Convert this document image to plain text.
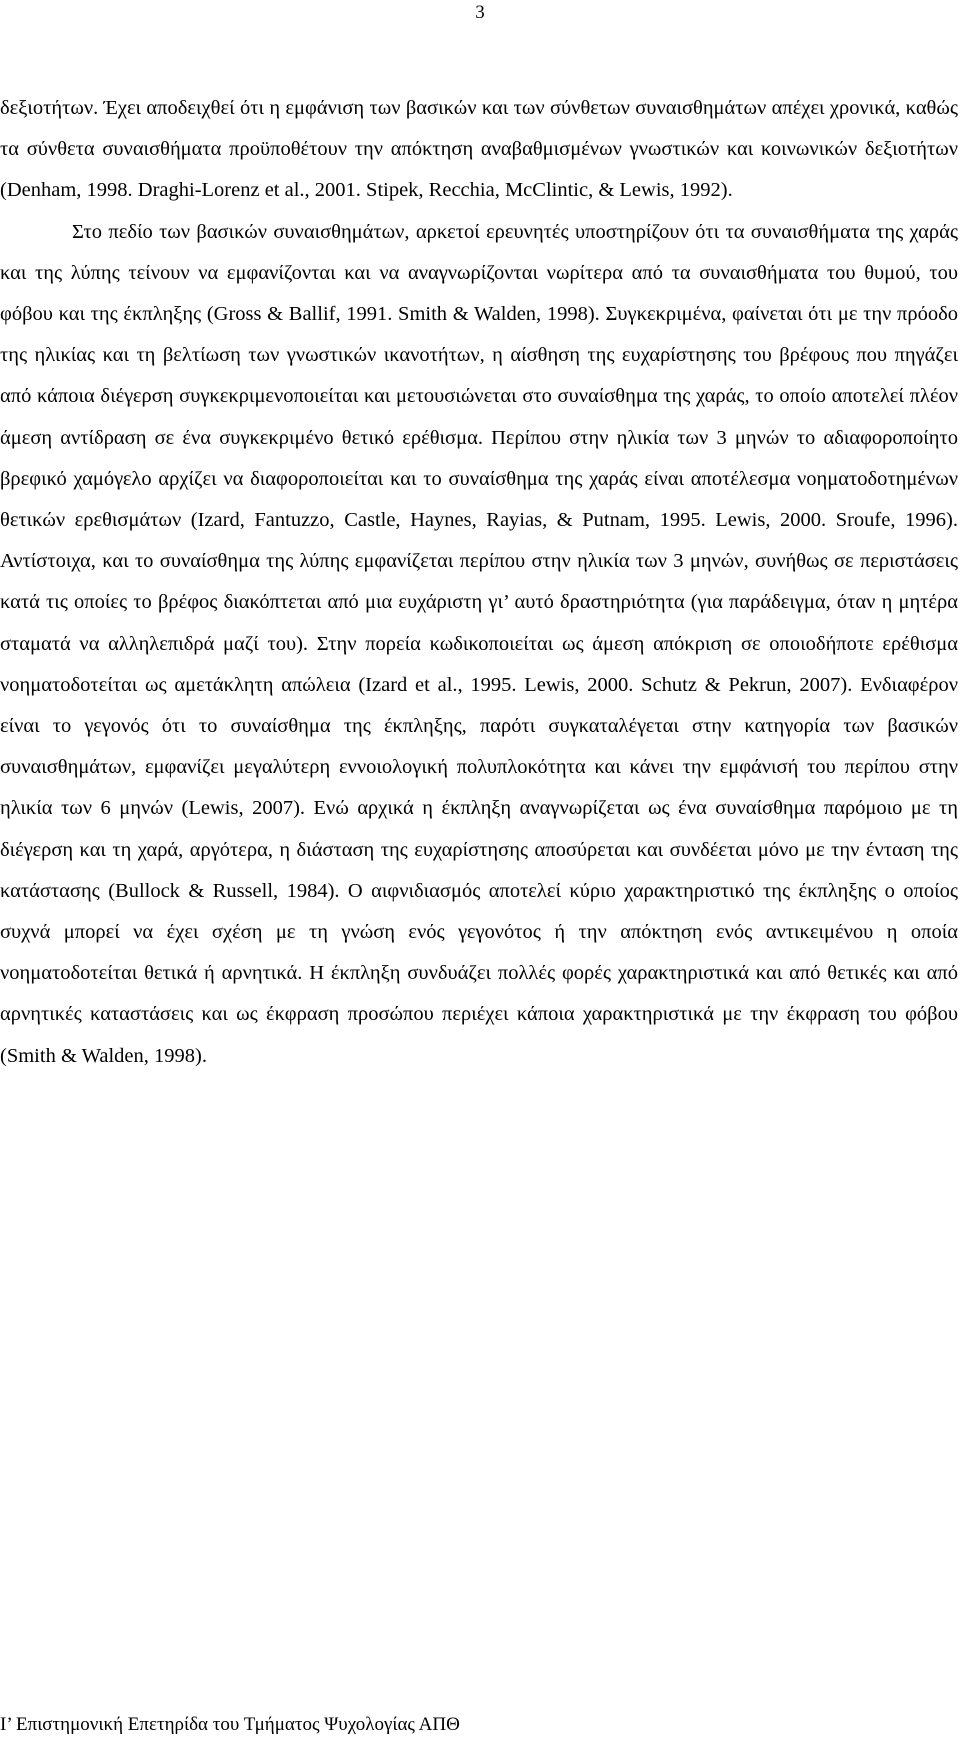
3

δεξιοτήτων. Έχει αποδειχθεί ότι η εμφάνιση των βασικών και των σύνθετων συναισθημάτων απέχει χρονικά, καθώς τα σύνθετα συναισθήματα προϋποθέτουν την απόκτηση αναβαθμισμένων γνωστικών και κοινωνικών δεξιοτήτων (Denham, 1998. Draghi-Lorenz et al., 2001. Stipek, Recchia, McClintic, & Lewis, 1992).

Στο πεδίο των βασικών συναισθημάτων, αρκετοί ερευνητές υποστηρίζουν ότι τα συναισθήματα της χαράς και της λύπης τείνουν να εμφανίζονται και να αναγνωρίζονται νωρίτερα από τα συναισθήματα του θυμού, του φόβου και της έκπληξης (Gross & Ballif, 1991. Smith & Walden, 1998). Συγκεκριμένα, φαίνεται ότι με την πρόοδο της ηλικίας και τη βελτίωση των γνωστικών ικανοτήτων, η αίσθηση της ευχαρίστησης του βρέφους που πηγάζει από κάποια διέγερση συγκεκριμενοποιείται και μετουσιώνεται στο συναίσθημα της χαράς, το οποίο αποτελεί πλέον άμεση αντίδραση σε ένα συγκεκριμένο θετικό ερέθισμα. Περίπου στην ηλικία των 3 μηνών το αδιαφοροποίητο βρεφικό χαμόγελο αρχίζει να διαφοροποιείται και το συναίσθημα της χαράς είναι αποτέλεσμα νοηματοδοτημένων θετικών ερεθισμάτων (Izard, Fantuzzo, Castle, Haynes, Rayias, & Putnam, 1995. Lewis, 2000. Sroufe, 1996). Αντίστοιχα, και το συναίσθημα της λύπης εμφανίζεται περίπου στην ηλικία των 3 μηνών, συνήθως σε περιστάσεις κατά τις οποίες το βρέφος διακόπτεται από μια ευχάριστη γι’ αυτό δραστηριότητα (για παράδειγμα, όταν η μητέρα σταματά να αλληλεπιδρά μαζί του). Στην πορεία κωδικοποιείται ως άμεση απόκριση σε οποιοδήποτε ερέθισμα νοηματοδοτείται ως αμετάκλητη απώλεια (Izard et al., 1995. Lewis, 2000. Schutz & Pekrun, 2007). Ενδιαφέρον είναι το γεγονός ότι το συναίσθημα της έκπληξης, παρότι συγκαταλέγεται στην κατηγορία των βασικών συναισθημάτων, εμφανίζει μεγαλύτερη εννοιολογική πολυπλοκότητα και κάνει την εμφάνισή του περίπου στην ηλικία των 6 μηνών (Lewis, 2007). Ενώ αρχικά η έκπληξη αναγνωρίζεται ως ένα συναίσθημα παρόμοιο με τη διέγερση και τη χαρά, αργότερα, η διάσταση της ευχαρίστησης αποσύρεται και συνδέεται μόνο με την ένταση της κατάστασης (Bullock & Russell, 1984). Ο αιφνιδιασμός αποτελεί κύριο χαρακτηριστικό της έκπληξης ο οποίος συχνά μπορεί να έχει σχέση με τη γνώση ενός γεγονότος ή την απόκτηση ενός αντικειμένου η οποία νοηματοδοτείται θετικά ή αρνητικά. Η έκπληξη συνδυάζει πολλές φορές χαρακτηριστικά και από θετικές και από αρνητικές καταστάσεις και ως έκφραση προσώπου περιέχει κάποια χαρακτηριστικά με την έκφραση του φόβου (Smith & Walden, 1998).

Ι’ Επιστημονική Επετηρίδα του Τμήματος Ψυχολογίας ΑΠΘ
